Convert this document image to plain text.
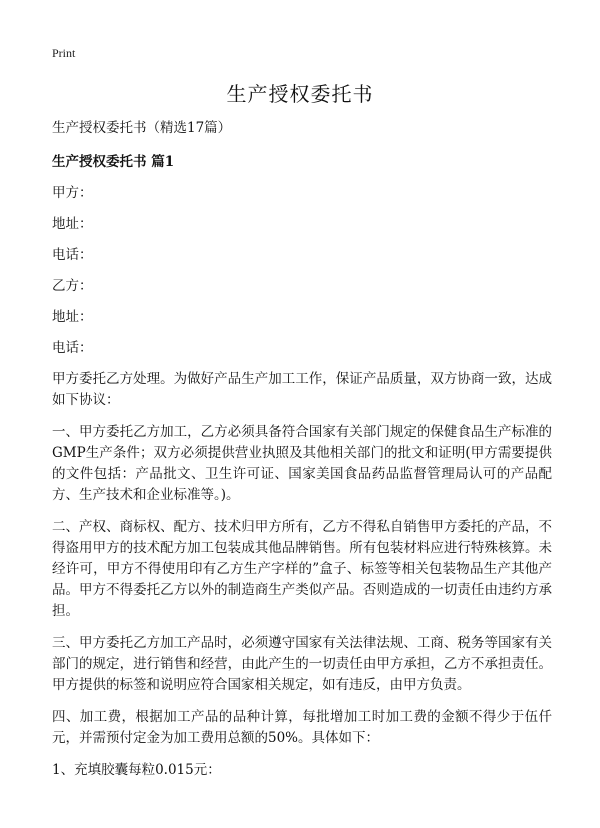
Print
生产授权委托书

生产授权委托书（精选17篇）

生产授权委托书 篇1

甲方：

地址：

电话：

乙方：

地址：

电话：

甲方委托乙方处理。为做好产品生产加工工作，保证产品质量，双方协商一致，达成如下协议：

一、甲方委托乙方加工，乙方必须具备符合国家有关部门规定的保健食品生产标准的GMP生产条件；双方必须提供营业执照及其他相关部门的批文和证明(甲方需要提供的文件包括：产品批文、卫生许可证、国家美国食品药品监督管理局认可的产品配方、生产技术和企业标准等。)。

二、产权、商标权、配方、技术归甲方所有，乙方不得私自销售甲方委托的产品，不得盗用甲方的技术配方加工包装成其他品牌销售。所有包装材料应进行特殊核算。未经许可，甲方不得使用印有乙方生产字样的”盒子、标签等相关包装物品生产其他产品。甲方不得委托乙方以外的制造商生产类似产品。否则造成的一切责任由违约方承担。

三、甲方委托乙方加工产品时，必须遵守国家有关法律法规、工商、税务等国家有关部门的规定，进行销售和经营，由此产生的一切责任由甲方承担，乙方不承担责任。甲方提供的标签和说明应符合国家相关规定，如有违反，由甲方负责。

四、加工费，根据加工产品的品种计算，每批增加工时加工费的金额不得少于伍仟元，并需预付定金为加工费用总额的50%。具体如下：

1、充填胶囊每粒0.015元：
